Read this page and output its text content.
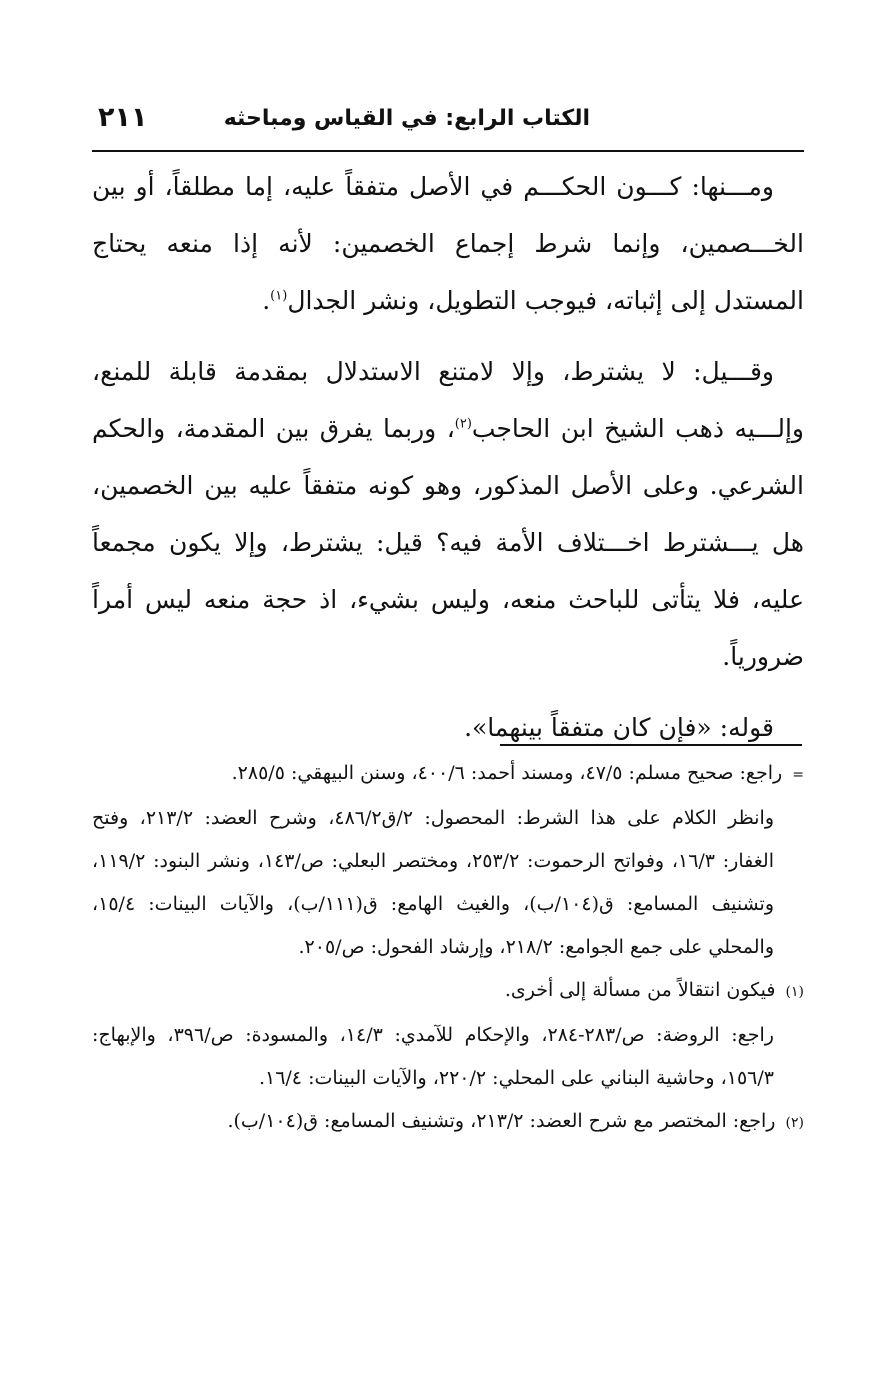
الكتاب الرابع: في القياس ومباحثه
٢١١

ومـــنها: كـــون الحكـــم في الأصل متفقاً عليه، إما مطلقاً، أو بين الخـــصمين، وإنما شرط إجماع الخصمين: لأنه إذا منعه يحتاج المستدل إلى إثباته، فيوجب التطويل، ونشر الجدال$^{(١)}$.

وقـــيل: لا يشترط، وإلا لامتنع الاستدلال بمقدمة قابلة للمنع، وإلـــيه ذهب الشيخ ابن الحاجب$^{(٢)}$، وربما يفرق بين المقدمة، والحكم الشرعي. وعلى الأصل المذكور، وهو كونه متفقاً عليه بين الخصمين، هل يـــشترط اخـــتلاف الأمة فيه؟ قيل: يشترط، وإلا يكون مجمعاً عليه، فلا يتأتى للباحث منعه، وليس بشيء، اذ حجة منعه ليس أمراً ضرورياً.

قوله: «فإن كان متفقاً بينهما».

= راجع: صحيح مسلم: ٤٧/٥، ومسند أحمد: ٤٠٠/٦، وسنن البيهقي: ٢٨٥/٥.

وانظر الكلام على هذا الشرط: المحصول: ٢/ق٤٨٦/٢، وشرح العضد: ٢١٣/٢، وفتح الغفار: ١٦/٣، وفواتح الرحموت: ٢٥٣/٢، ومختصر البعلي: ص/١٤٣، ونشر البنود: ١١٩/٢، وتشنيف المسامع: ق(١٠٤/ب)، والغيث الهامع: ق(١١١/ب)، والآيات البينات: ١٥/٤، والمحلي على جمع الجوامع: ٢١٨/٢، وإرشاد الفحول: ص/٢٠٥.

(١) فيكون انتقالاً من مسألة إلى أخرى.

راجع: الروضة: ص/٢٨٣-٢٨٤، والإحكام للآمدي: ١٤/٣، والمسودة: ص/٣٩٦، والإبهاج: ١٥٦/٣، وحاشية البناني على المحلي: ٢٢٠/٢، والآيات البينات: ١٦/٤.

(٢) راجع: المختصر مع شرح العضد: ٢١٣/٢، وتشنيف المسامع: ق(١٠٤/ب).
